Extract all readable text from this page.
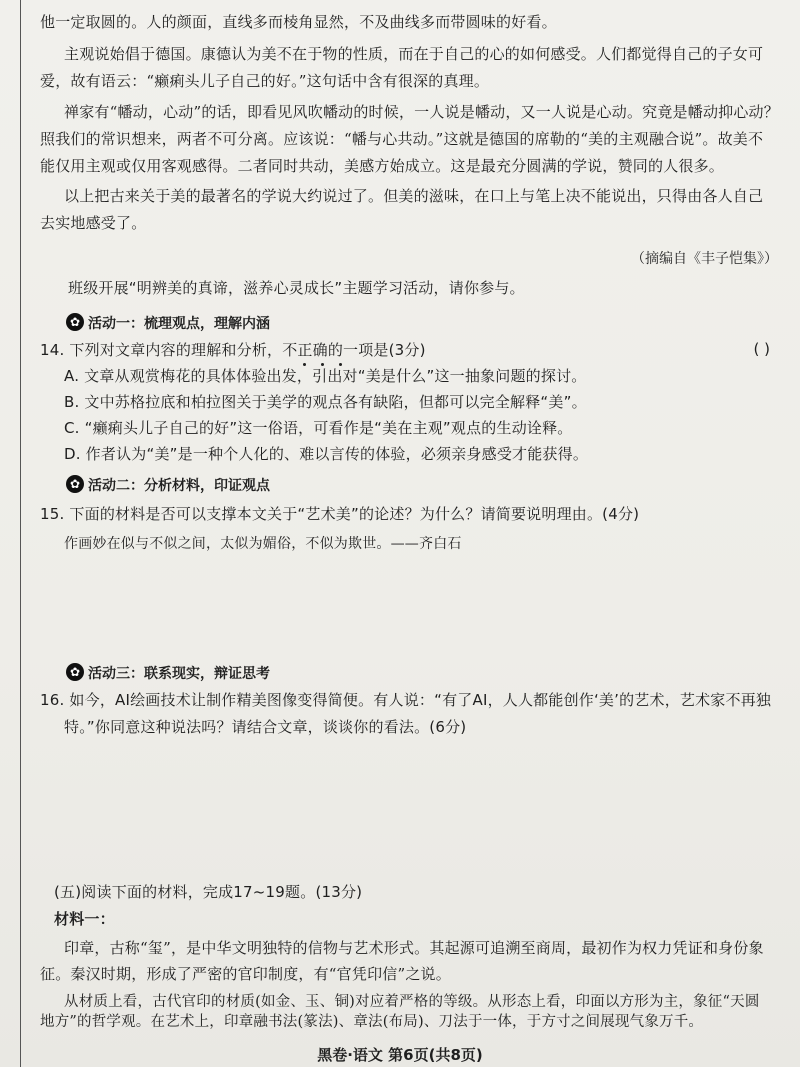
他一定取圆的。人的颜面，直线多而棱角显然，不及曲线多而带圆味的好看。
主观说始倡于德国。康德认为美不在于物的性质，而在于自己的心的如何感受。人们都觉得自己的子女可
爱，故有语云：“癞痢头儿子自己的好。”这句话中含有很深的真理。
禅家有“幡动，心动”的话，即看见风吹幡动的时候，一人说是幡动，又一人说是心动。究竟是幡动抑心动？
照我们的常识想来，两者不可分离。应该说：“幡与心共动。”这就是德国的席勒的“美的主观融合说”。故美不
能仅用主观或仅用客观感得。二者同时共动，美感方始成立。这是最充分圆满的学说，赞同的人很多。
以上把古来关于美的最著名的学说大约说过了。但美的滋味，在口上与笔上决不能说出，只得由各人自己
去实地感受了。
（摘编自《丰子恺集》）
班级开展“明辨美的真谛，滋养心灵成长”主题学习活动，请你参与。
✿ 活动一：梳理观点，理解内涵
14. 下列对文章内容的理解和分析，不正确的一项是(3分)	( )
A. 文章从观赏梅花的具体体验出发，引出对“美是什么”这一抽象问题的探讨。
B. 文中苏格拉底和柏拉图关于美学的观点各有缺陷，但都可以完全解释“美”。
C. “癞痢头儿子自己的好”这一俗语，可看作是“美在主观”观点的生动诠释。
D. 作者认为“美”是一种个人化的、难以言传的体验，必须亲身感受才能获得。
✿ 活动二：分析材料，印证观点
15. 下面的材料是否可以支撑本文关于“艺术美”的论述？为什么？请简要说明理由。(4分)
作画妙在似与不似之间，太似为媚俗，不似为欺世。——齐白石
✿ 活动三：联系现实，辩证思考
16. 如今，AI绘画技术让制作精美图像变得简便。有人说：“有了AI，人人都能创作‘美’的艺术，艺术家不再独
特。”你同意这种说法吗？请结合文章，谈谈你的看法。(6分)
(五)阅读下面的材料，完成17~19题。(13分)
材料一：
印章，古称“玺”，是中华文明独特的信物与艺术形式。其起源可追溯至商周，最初作为权力凭证和身份象
征。秦汉时期，形成了严密的官印制度，有“官凭印信”之说。
从材质上看，古代官印的材质(如金、玉、铜)对应着严格的等级。从形态上看，印面以方形为主，象征“天圆
地方”的哲学观。在艺术上，印章融书法(篆法)、章法(布局)、刀法于一体，于方寸之间展现气象万千。
黑卷·语文 第6页(共8页)
